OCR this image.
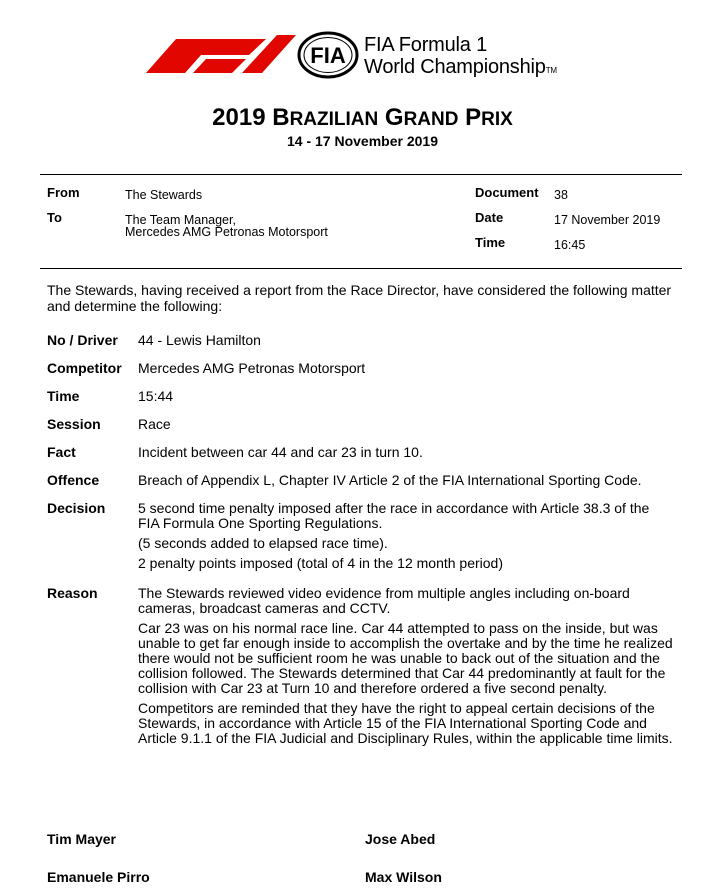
FIA FIA Formula 1
World ChampionshipTM
2019 BRAZILIAN GRAND PRIX
14 - 17 November 2019
From	The Stewards
To	The Team Manager,
Mercedes AMG Petronas Motorsport
Document 38
Date	17 November 2019
Time	16:45
The Stewards, having received a report from the Race Director, have considered the following matter and determine the following:
No / Driver 44 - Lewis Hamilton
Competitor Mercedes AMG Petronas Motorsport
Time	15:44
Session	Race
Fact	Incident between car 44 and car 23 in turn 10.
Offence	Breach of Appendix L, Chapter IV Article 2 of the FIA International Sporting Code.
Decision 5 second time penalty imposed after the race in accordance with Article 38.3 of the FIA Formula One Sporting Regulations.

(5 seconds added to elapsed race time).

2 penalty points imposed (total of 4 in the 12 month period)

Reason	The Stewards reviewed video evidence from multiple angles including on-board cameras, broadcast cameras and CCTV.

Car 23 was on his normal race line. Car 44 attempted to pass on the inside, but was unable to get far enough inside to accomplish the overtake and by the time he realized there would not be sufficient room he was unable to back out of the situation and the collision followed. The Stewards determined that Car 44 predominantly at fault for the collision with Car 23 at Turn 10 and therefore ordered a five second penalty.

Competitors are reminded that they have the right to appeal certain decisions of the Stewards, in accordance with Article 15 of the FIA International Sporting Code and Article 9.1.1 of the FIA Judicial and Disciplinary Rules, within the applicable time limits.

Tim Mayer	Jose Abed
Emanuele Pirro	Max Wilson
